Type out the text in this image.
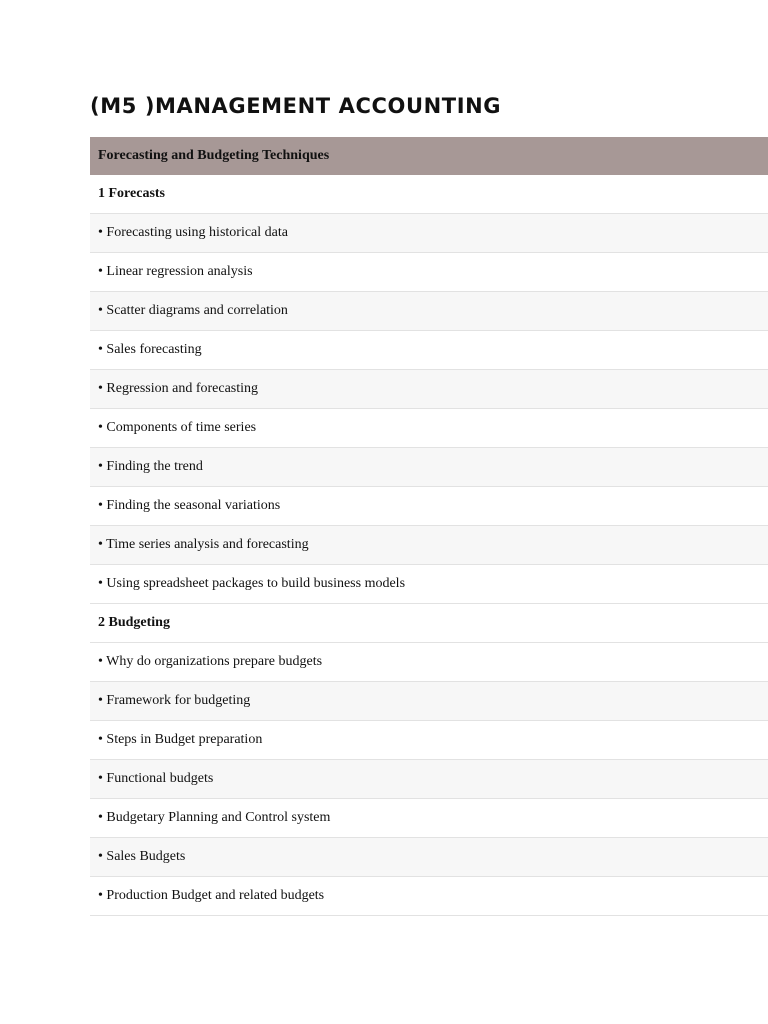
(M5 )MANAGEMENT ACCOUNTING
Forecasting and Budgeting Techniques
1 Forecasts
• Forecasting using historical data
• Linear regression analysis
• Scatter diagrams and correlation
• Sales forecasting
• Regression and forecasting
• Components of time series
• Finding the trend
• Finding the seasonal variations
• Time series analysis and forecasting
• Using spreadsheet packages to build business models
2 Budgeting
• Why do organizations prepare budgets
• Framework for budgeting
• Steps in Budget preparation
• Functional budgets
• Budgetary Planning and Control system
• Sales Budgets
• Production Budget and related budgets
